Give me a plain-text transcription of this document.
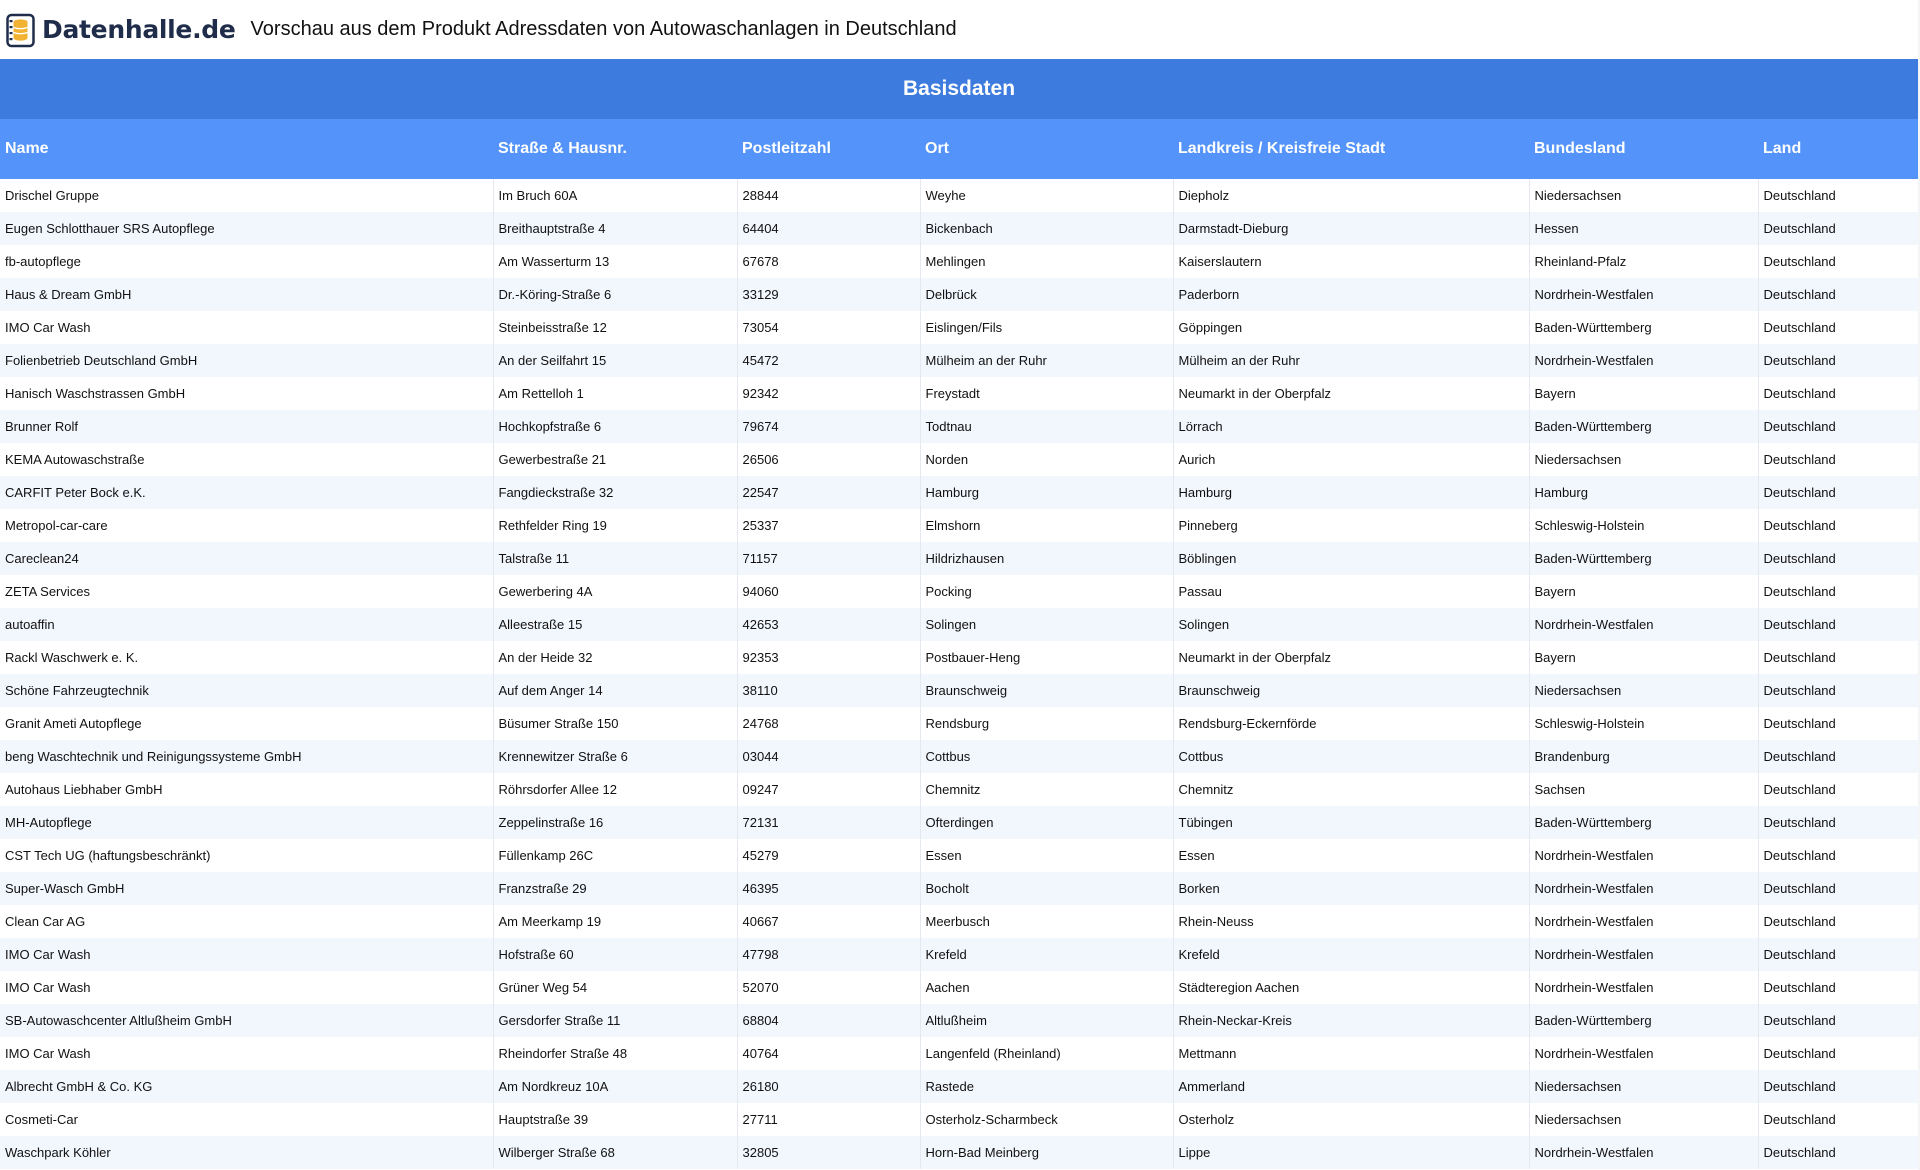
Datenhalle.de Vorschau aus dem Produkt Adressdaten von Autowaschanlagen in Deutschland
Basisdaten						
Name	Straße & Hausnr.	Postleitzahl	Ort	Landkreis / Kreisfreie Stadt	Bundesland	Land
Drischel Gruppe	Im Bruch 60A	28844	Weyhe	Diepholz	Niedersachsen	Deutschland
Eugen Schlotthauer SRS Autopflege	Breithauptstraße 4	64404	Bickenbach	Darmstadt-Dieburg	Hessen	Deutschland
fb-autopflege	Am Wasserturm 13	67678	Mehlingen	Kaiserslautern	Rheinland-Pfalz	Deutschland
Haus & Dream GmbH	Dr.-Köring-Straße 6	33129	Delbrück	Paderborn	Nordrhein-Westfalen	Deutschland
IMO Car Wash	Steinbeisstraße 12	73054	Eislingen/Fils	Göppingen	Baden-Württemberg	Deutschland
Folienbetrieb Deutschland GmbH	An der Seilfahrt 15	45472	Mülheim an der Ruhr	Mülheim an der Ruhr	Nordrhein-Westfalen	Deutschland
Hanisch Waschstrassen GmbH	Am Rettelloh 1	92342	Freystadt	Neumarkt in der Oberpfalz	Bayern	Deutschland
Brunner Rolf	Hochkopfstraße 6	79674	Todtnau	Lörrach	Baden-Württemberg	Deutschland
KEMA Autowaschstraße	Gewerbestraße 21	26506	Norden	Aurich	Niedersachsen	Deutschland
CARFIT Peter Bock e.K.	Fangdieckstraße 32	22547	Hamburg	Hamburg	Hamburg	Deutschland
Metropol-car-care	Rethfelder Ring 19	25337	Elmshorn	Pinneberg	Schleswig-Holstein	Deutschland
Careclean24	Talstraße 11	71157	Hildrizhausen	Böblingen	Baden-Württemberg	Deutschland
ZETA Services	Gewerbering 4A	94060	Pocking	Passau	Bayern	Deutschland
autoaffin	Alleestraße 15	42653	Solingen	Solingen	Nordrhein-Westfalen	Deutschland
Rackl Waschwerk e. K.	An der Heide 32	92353	Postbauer-Heng	Neumarkt in der Oberpfalz	Bayern	Deutschland
Schöne Fahrzeugtechnik	Auf dem Anger 14	38110	Braunschweig	Braunschweig	Niedersachsen	Deutschland
Granit Ameti Autopflege	Büsumer Straße 150	24768	Rendsburg	Rendsburg-Eckernförde	Schleswig-Holstein	Deutschland
beng Waschtechnik und Reinigungssysteme GmbH	Krennewitzer Straße 6	03044	Cottbus	Cottbus	Brandenburg	Deutschland
Autohaus Liebhaber GmbH	Röhrsdorfer Allee 12	09247	Chemnitz	Chemnitz	Sachsen	Deutschland
MH-Autopflege	Zeppelinstraße 16	72131	Ofterdingen	Tübingen	Baden-Württemberg	Deutschland
CST Tech UG (haftungsbeschränkt)	Füllenkamp 26C	45279	Essen	Essen	Nordrhein-Westfalen	Deutschland
Super-Wasch GmbH	Franzstraße 29	46395	Bocholt	Borken	Nordrhein-Westfalen	Deutschland
Clean Car AG	Am Meerkamp 19	40667	Meerbusch	Rhein-Neuss	Nordrhein-Westfalen	Deutschland
IMO Car Wash	Hofstraße 60	47798	Krefeld	Krefeld	Nordrhein-Westfalen	Deutschland
IMO Car Wash	Grüner Weg 54	52070	Aachen	Städteregion Aachen	Nordrhein-Westfalen	Deutschland
SB-Autowaschcenter Altlußheim GmbH	Gersdorfer Straße 11	68804	Altlußheim	Rhein-Neckar-Kreis	Baden-Württemberg	Deutschland
IMO Car Wash	Rheindorfer Straße 48	40764	Langenfeld (Rheinland)	Mettmann	Nordrhein-Westfalen	Deutschland
Albrecht GmbH & Co. KG	Am Nordkreuz 10A	26180	Rastede	Ammerland	Niedersachsen	Deutschland
Cosmeti-Car	Hauptstraße 39	27711	Osterholz-Scharmbeck	Osterholz	Niedersachsen	Deutschland
Waschpark Köhler	Wilberger Straße 68	32805	Horn-Bad Meinberg	Lippe	Nordrhein-Westfalen	Deutschland
